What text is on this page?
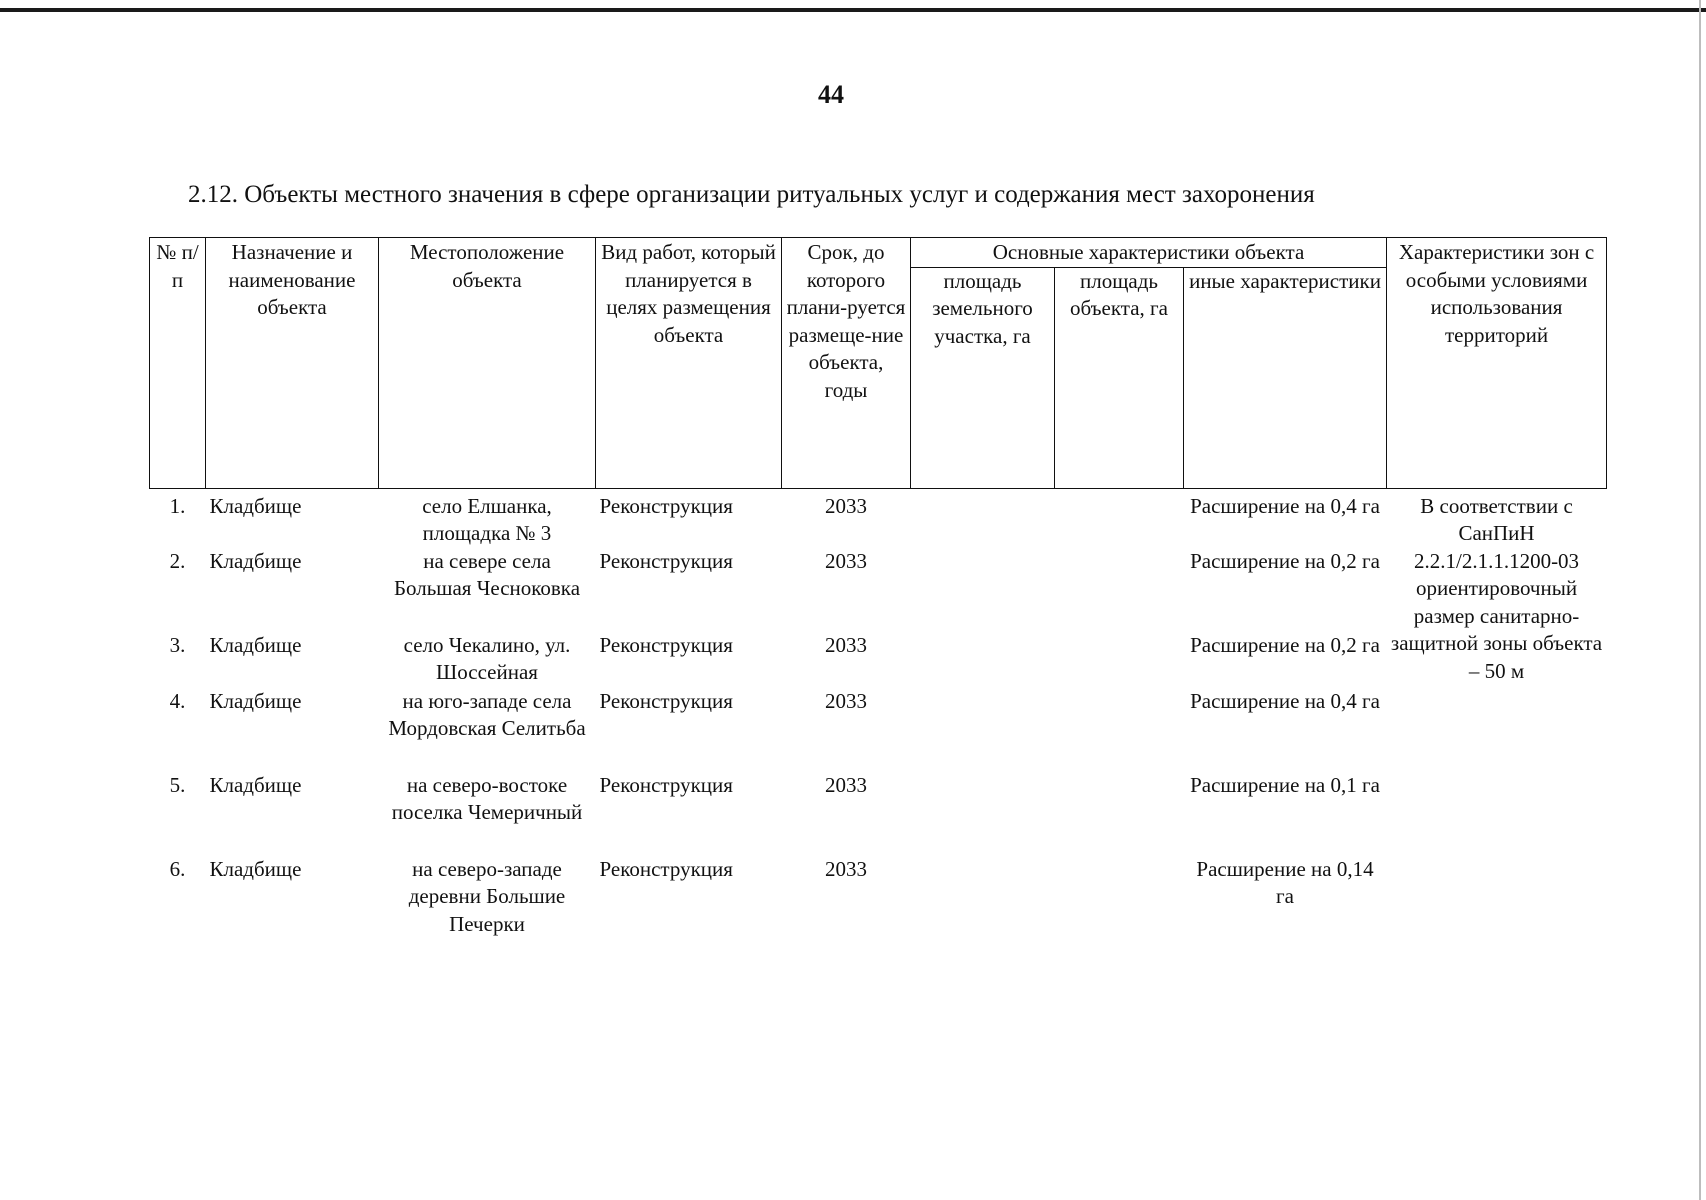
44
2.12. Объекты местного значения в сфере организации ритуальных услуг и содержания мест захоронения
№ п/п	Назначение и наименование объекта	Местоположение объекта	Вид работ, который планируется в целях размещения объекта	Срок, до которого плани-руется размеще-ние объекта, годы	Основные характеристики объекта			Характеристики зон с особыми условиями использования территорий
					площадь земельного участка, га	площадь объекта, га	иные характеристики	
1.	Кладбище	село Елшанка, площадка № 3	Реконструкция	2033			Расширение на 0,4 га	В соответствии с СанПиН 2.2.1/2.1.1.1200-03 ориентировочный размер санитарно-защитной зоны объекта – 50 м
2.	Кладбище	на севере села Большая Чесноковка	Реконструкция	2033			Расширение на 0,2 га	
3.	Кладбище	село Чекалино, ул. Шоссейная	Реконструкция	2033			Расширение на 0,2 га	
4.	Кладбище	на юго-западе села Мордовская Селитьба	Реконструкция	2033			Расширение на 0,4 га	
5.	Кладбище	на северо-востоке поселка Чемеричный	Реконструкция	2033			Расширение на 0,1 га	
6.	Кладбище	на северо-западе деревни Большие Печерки	Реконструкция	2033			Расширение на 0,14 га	
